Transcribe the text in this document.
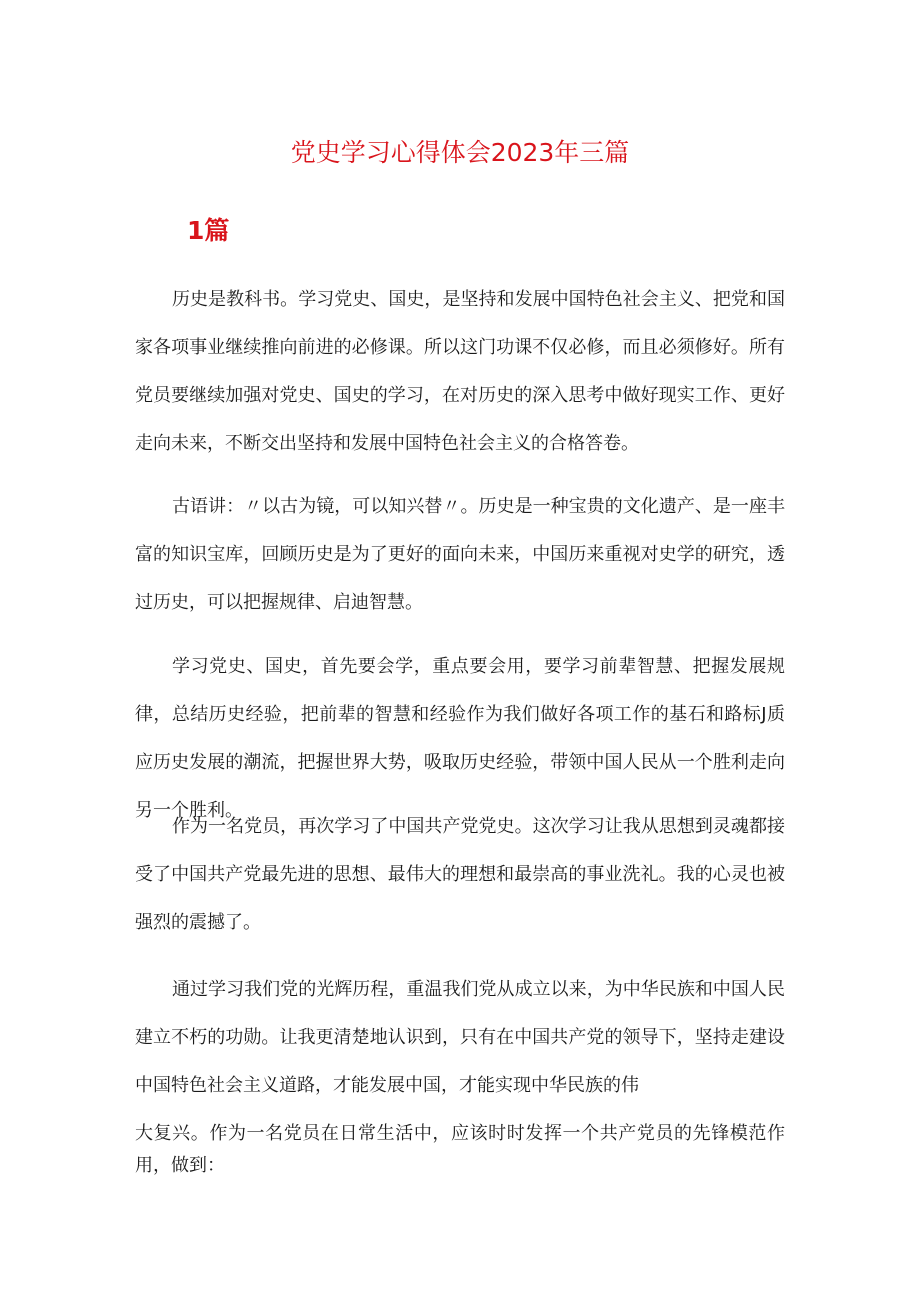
党史学习心得体会2023年三篇
1篇

历史是教科书。学习党史、国史，是坚持和发展中国特色社会主义、把党和国家各项事业继续推向前进的必修课。所以这门功课不仅必修，而且必须修好。所有党员要继续加强对党史、国史的学习，在对历史的深入思考中做好现实工作、更好走向未来，不断交出坚持和发展中国特色社会主义的合格答卷。

古语讲：〃以古为镜，可以知兴替〃。历史是一种宝贵的文化遗产、是一座丰富的知识宝库，回顾历史是为了更好的面向未来，中国历来重视对史学的研究，透过历史，可以把握规律、启迪智慧。

学习党史、国史，首先要会学，重点要会用，要学习前辈智慧、把握发展规律，总结历史经验，把前辈的智慧和经验作为我们做好各项工作的基石和路标J质应历史发展的潮流，把握世界大势，吸取历史经验，带领中国人民从一个胜利走向另一个胜利。

作为一名党员，再次学习了中国共产党党史。这次学习让我从思想到灵魂都接受了中国共产党最先进的思想、最伟大的理想和最崇高的事业洗礼。我的心灵也被强烈的震撼了。

通过学习我们党的光辉历程，重温我们党从成立以来，为中华民族和中国人民建立不朽的功勋。让我更清楚地认识到，只有在中国共产党的领导下，坚持走建设中国特色社会主义道路，才能发展中国，才能实现中华民族的伟

大复兴。作为一名党员在日常生活中，应该时时发挥一个共产党员的先锋模范作用，做到：
